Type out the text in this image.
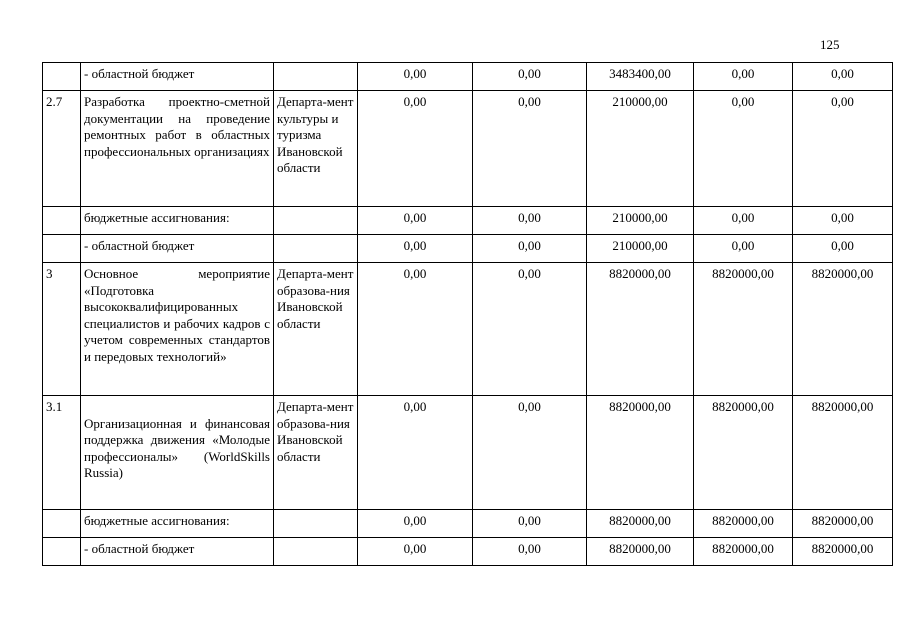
125
	- областной бюджет		0,00	0,00	3483400,00	0,00	0,00
2.7	Разработка проектно-сметной документации на проведение ремонтных работ в областных профессиональных организациях	Департа-мент культуры и туризма Ивановской области	0,00	0,00	210000,00	0,00	0,00
	бюджетные ассигнования:		0,00	0,00	210000,00	0,00	0,00
	- областной бюджет		0,00	0,00	210000,00	0,00	0,00
3	Основное мероприятие «Подготовка высококвалифицированных специалистов и рабочих кадров с учетом современных стандартов и передовых технологий»	Департа-мент образова-ния Ивановской области	0,00	0,00	8820000,00	8820000,00	8820000,00
3.1	Организационная и финансовая поддержка движения «Молодые профессионалы» (WorldSkills Russia)	Департа-мент образова-ния Ивановской области	0,00	0,00	8820000,00	8820000,00	8820000,00
	бюджетные ассигнования:		0,00	0,00	8820000,00	8820000,00	8820000,00
	- областной бюджет		0,00	0,00	8820000,00	8820000,00	8820000,00
